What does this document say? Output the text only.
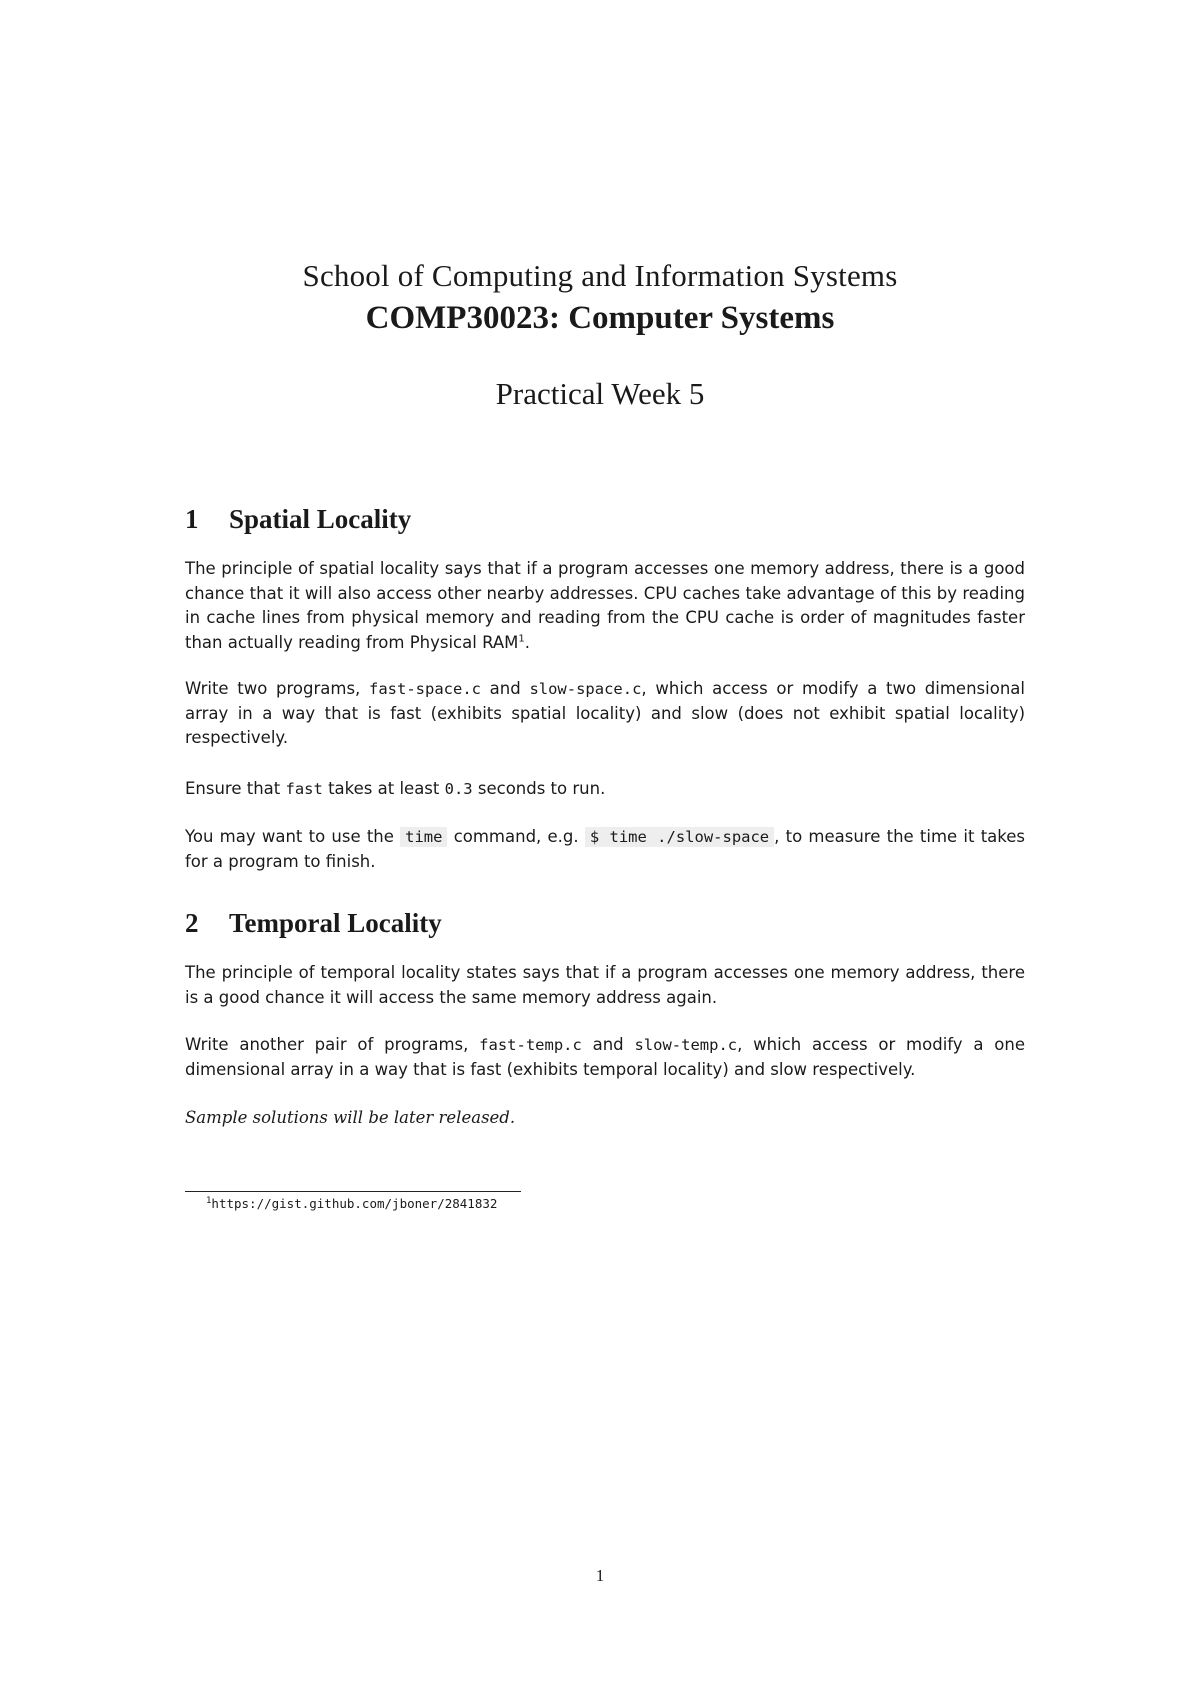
School of Computing and Information Systems
COMP30023: Computer Systems
Practical Week 5
1 Spatial Locality

The principle of spatial locality says that if a program accesses one memory address, there is a good chance that it will also access other nearby addresses. CPU caches take advantage of this by reading in cache lines from physical memory and reading from the CPU cache is order of magnitudes faster than actually reading from Physical RAM$^1$.

Write two programs, fast-space.c and slow-space.c, which access or modify a two dimensional array in a way that is fast (exhibits spatial locality) and slow (does not exhibit spatial locality) respectively.

Ensure that fast takes at least 0.3 seconds to run.

You may want to use the time command, e.g. $ time ./slow-space , to measure the time it takes for a program to finish.

2 Temporal Locality

The principle of temporal locality states says that if a program accesses one memory address, there is a good chance it will access the same memory address again.

Write another pair of programs, fast-temp.c and slow-temp.c, which access or modify a one dimensional array in a way that is fast (exhibits temporal locality) and slow respectively.

Sample solutions will be later released.

$^1$https://gist.github.com/jboner/2841832
1
